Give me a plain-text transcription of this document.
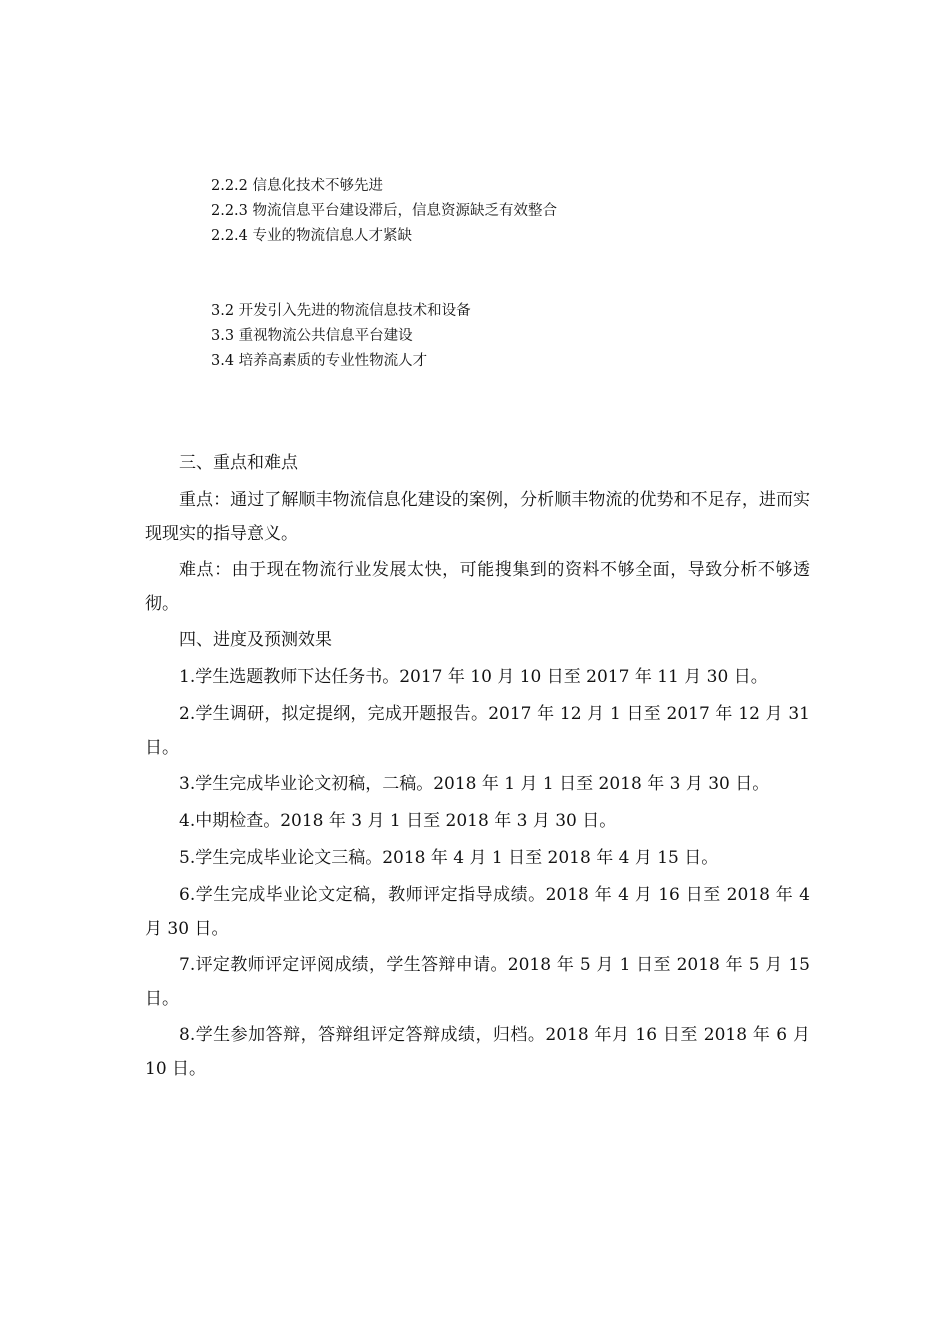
2.2.2 信息化技术不够先进
2.2.3 物流信息平台建设滞后，信息资源缺乏有效整合
2.2.4 专业的物流信息人才紧缺
3.2 开发引入先进的物流信息技术和设备
3.3 重视物流公共信息平台建设
3.4 培养高素质的专业性物流人才

三、重点和难点

重点：通过了解顺丰物流信息化建设的案例，分析顺丰物流的优势和不足存，进而实现现实的指导意义。

难点：由于现在物流行业发展太快，可能搜集到的资料不够全面，导致分析不够透彻。

四、进度及预测效果

1.学生选题教师下达任务书。2017 年 10 月 10 日至 2017 年 11 月 30 日。

2.学生调研，拟定提纲，完成开题报告。2017 年 12 月 1 日至 2017 年 12 月 31 日。

3.学生完成毕业论文初稿，二稿。2018 年 1 月 1 日至 2018 年 3 月 30 日。

4.中期检查。2018 年 3 月 1 日至 2018 年 3 月 30 日。

5.学生完成毕业论文三稿。2018 年 4 月 1 日至 2018 年 4 月 15 日。

6.学生完成毕业论文定稿，教师评定指导成绩。2018 年 4 月 16 日至 2018 年 4 月 30 日。

7.评定教师评定评阅成绩，学生答辩申请。2018 年 5 月 1 日至 2018 年 5 月 15 日。

8.学生参加答辩，答辩组评定答辩成绩，归档。2018 年月 16 日至 2018 年 6 月 10 日。
